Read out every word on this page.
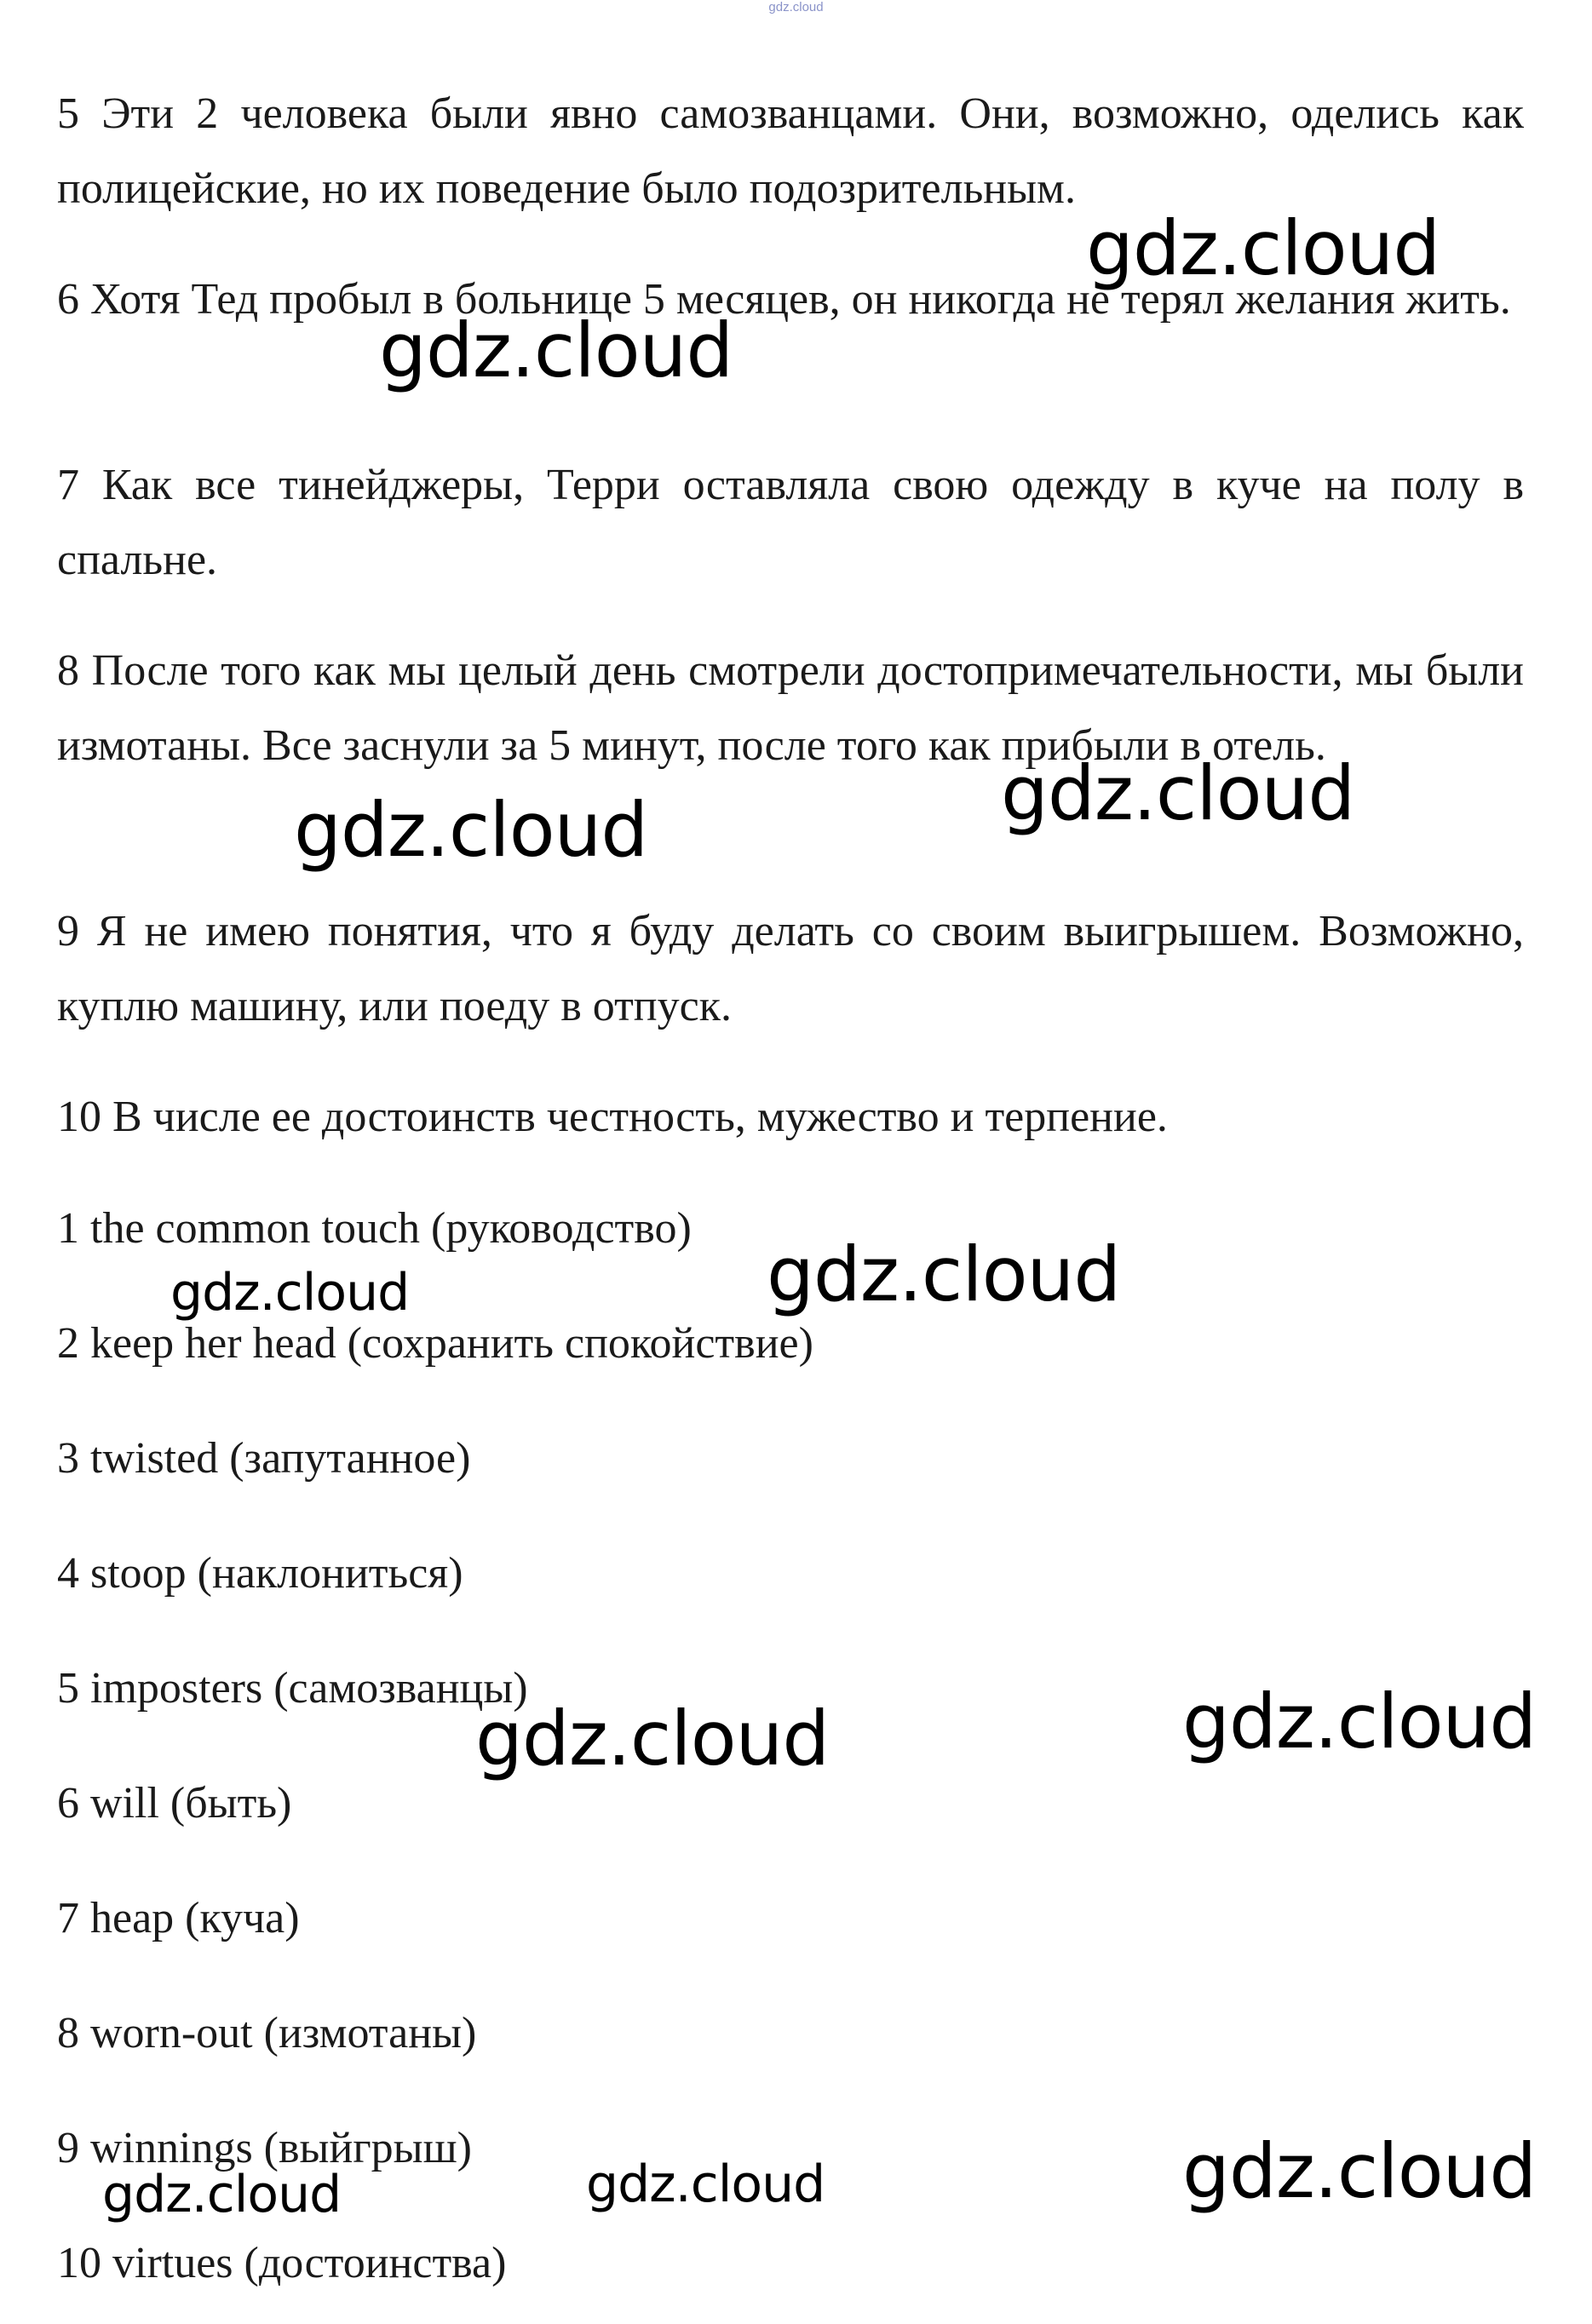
gdz.cloud

5 Эти 2 человека были явно самозванцами. Они, возможно, оделись как полицейские, но их поведение было подозрительным.

6 Хотя Тед пробыл в больнице 5 месяцев, он никогда не терял желания жить.

7 Как все тинейджеры, Терри оставляла свою одежду в куче на полу в спальне.

8 После того как мы целый день смотрели достопримечательности, мы были измотаны. Все заснули за 5 минут, после того как прибыли в отель.

9 Я не имею понятия, что я буду делать со своим выигрышем. Возможно, куплю машину, или поеду в отпуск.

10 В числе ее достоинств честность, мужество и терпение.

1 the common touch (руководство)

2 keep her head (сохранить спокойствие)

3 twisted (запутанное)

4 stoop (наклониться)

5 imposters (самозванцы)

6 will (быть)

7 heap (куча)

8 worn-out (измотаны)

9 winnings (выйгрыш)

10 virtues (достоинства)

gdz.cloud
gdz.cloud
gdz.cloud
gdz.cloud
gdz.cloud
gdz.cloud
gdz.cloud
gdz.cloud
gdz.cloud
gdz.cloud
gdz.cloud
